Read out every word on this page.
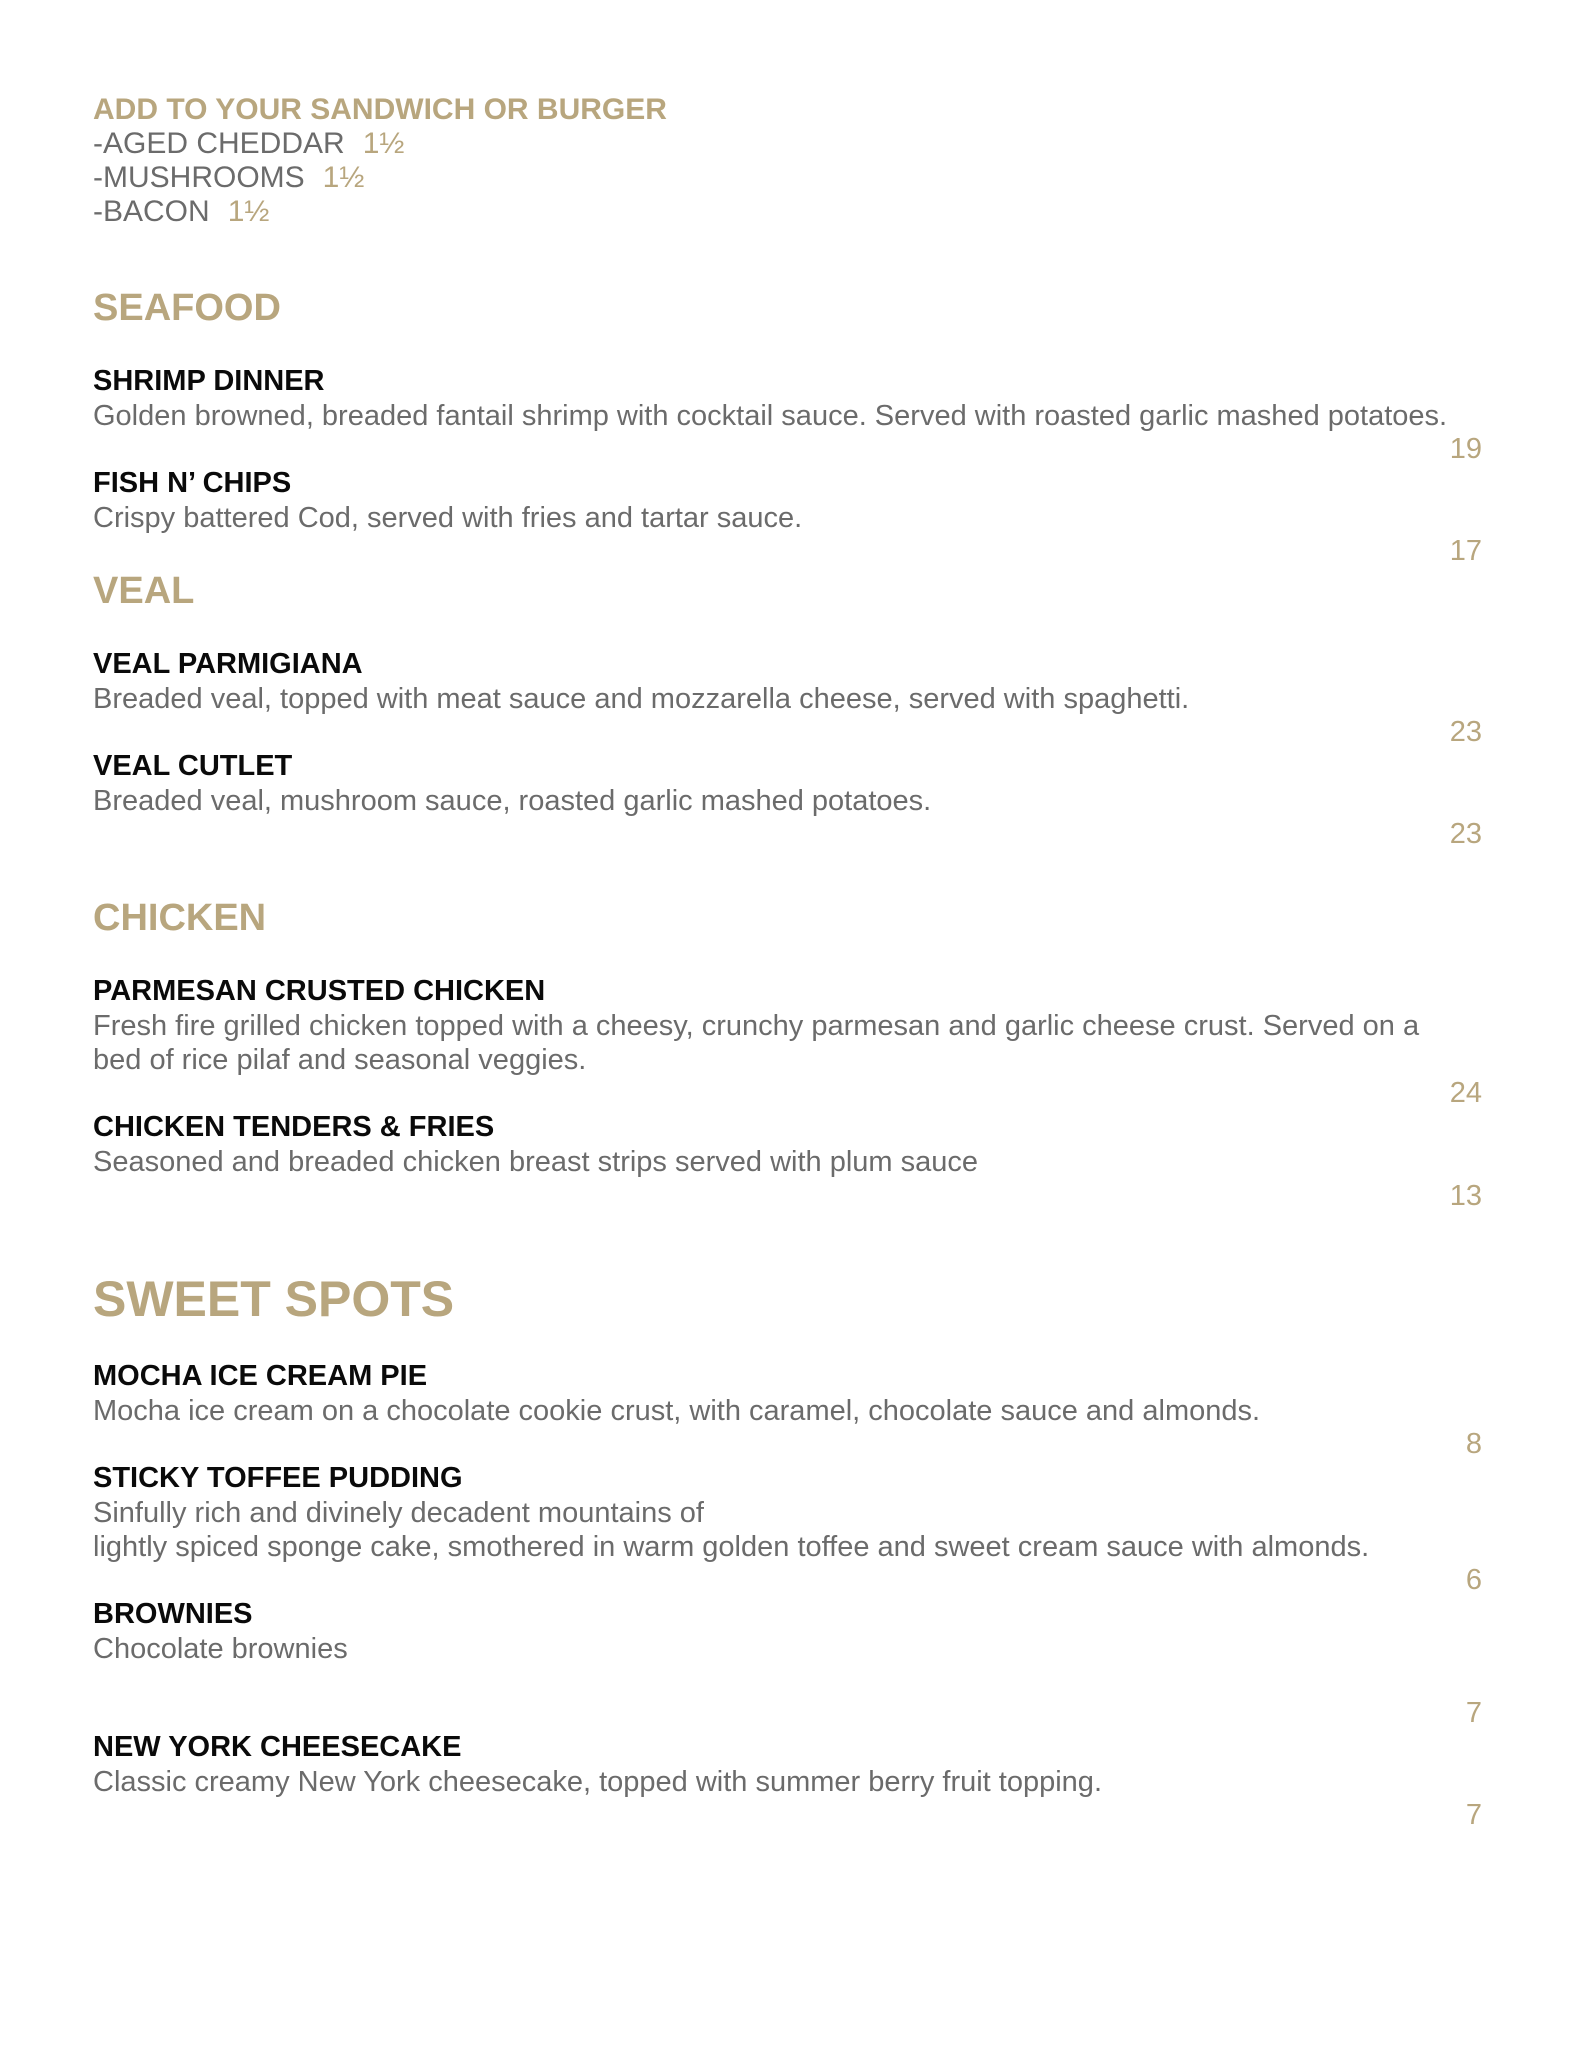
ADD TO YOUR SANDWICH OR BURGER
-AGED CHEDDAR 1½
-MUSHROOMS 1½
-BACON 1½
SEAFOOD
SHRIMP DINNER
Golden browned, breaded fantail shrimp with cocktail sauce. Served with roasted garlic mashed potatoes.
19
FISH N’ CHIPS
Crispy battered Cod, served with fries and tartar sauce.
17
VEAL
VEAL PARMIGIANA
Breaded veal, topped with meat sauce and mozzarella cheese, served with spaghetti.
23
VEAL CUTLET
Breaded veal, mushroom sauce, roasted garlic mashed potatoes.
23
CHICKEN
PARMESAN CRUSTED CHICKEN
Fresh fire grilled chicken topped with a cheesy, crunchy parmesan and garlic cheese crust. Served on a
bed of rice pilaf and seasonal veggies.
24
CHICKEN TENDERS & FRIES
Seasoned and breaded chicken breast strips served with plum sauce
13
SWEET SPOTS
MOCHA ICE CREAM PIE
Mocha ice cream on a chocolate cookie crust, with caramel, chocolate sauce and almonds.
8
STICKY TOFFEE PUDDING
Sinfully rich and divinely decadent mountains of
lightly spiced sponge cake, smothered in warm golden toffee and sweet cream sauce with almonds.
6
BROWNIES
Chocolate brownies
7
NEW YORK CHEESECAKE
Classic creamy New York cheesecake, topped with summer berry fruit topping.
7
